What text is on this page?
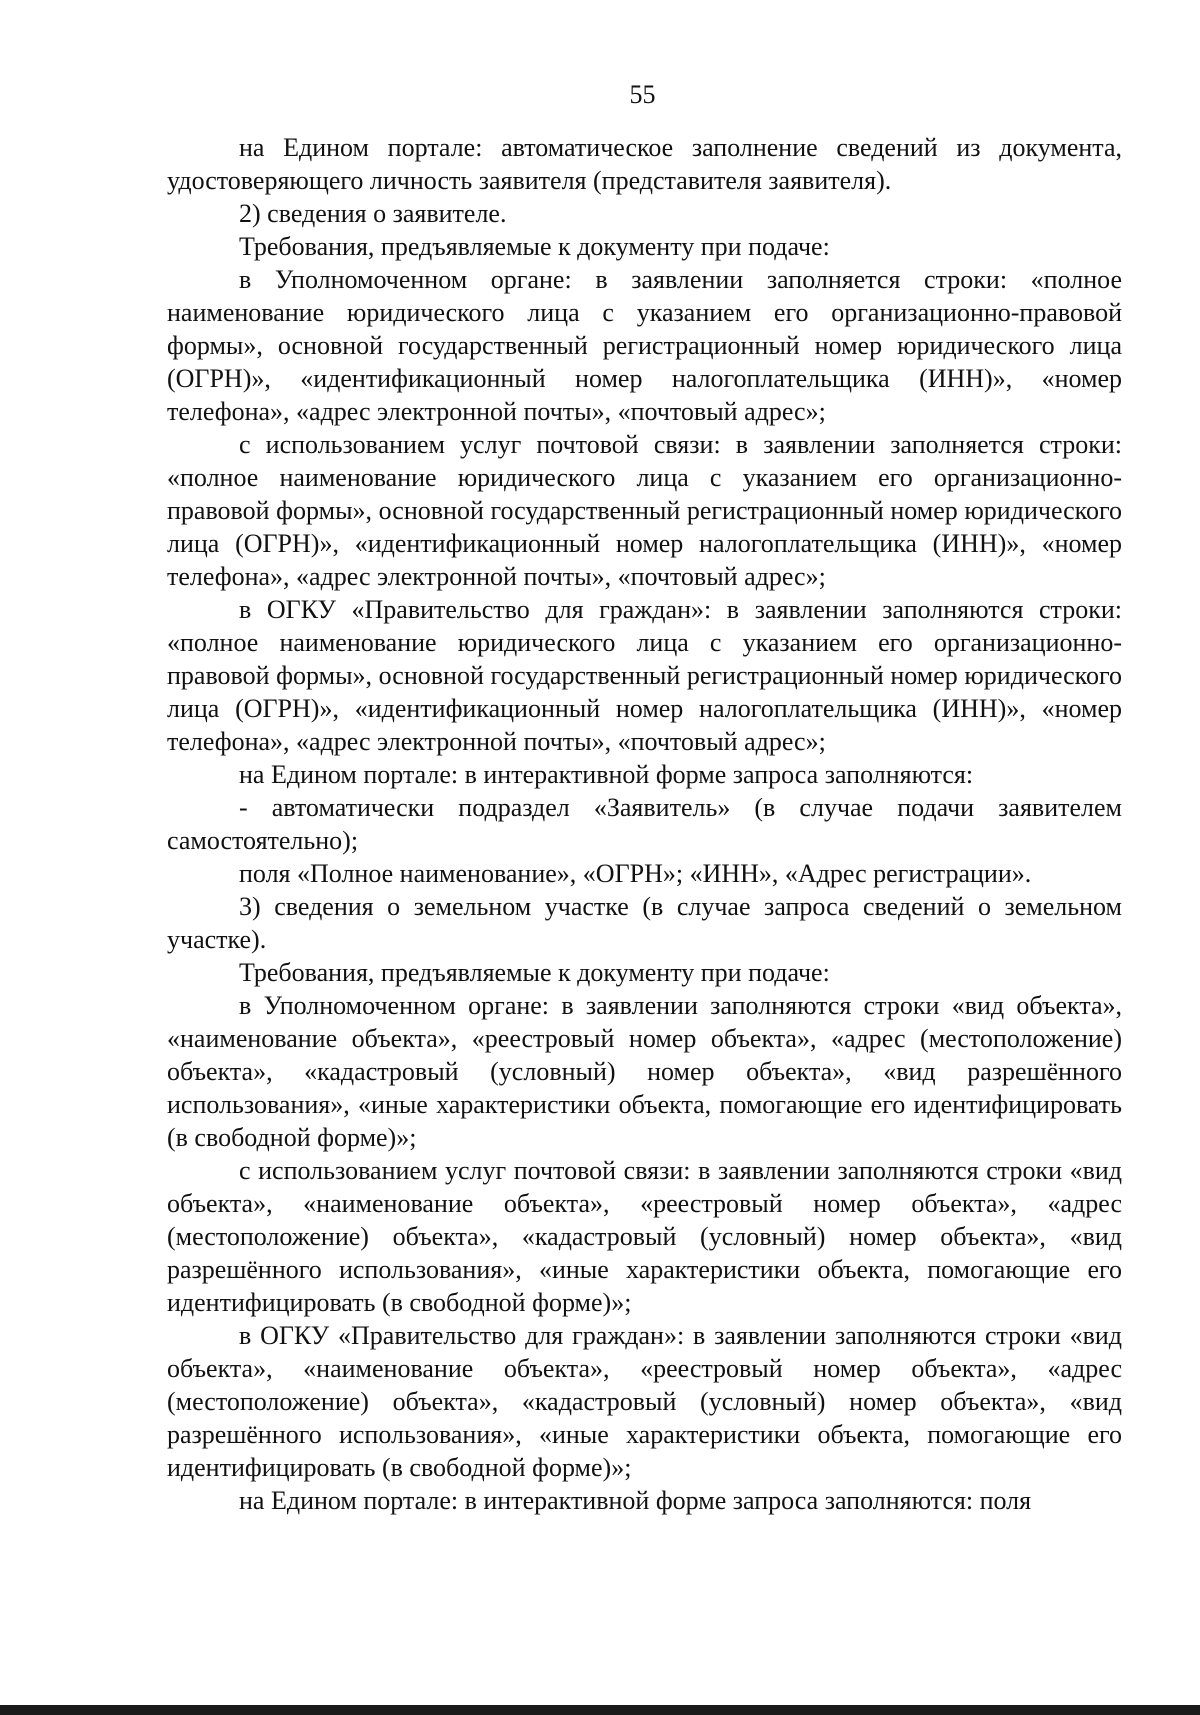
55

на Едином портале: автоматическое заполнение сведений из документа, удостоверяющего личность заявителя (представителя заявителя).

2) сведения о заявителе.

Требования, предъявляемые к документу при подаче:

в Уполномоченном органе: в заявлении заполняется строки: «полное наименование юридического лица с указанием его организационно-правовой формы», основной государственный регистрационный номер юридического лица (ОГРН)», «идентификационный номер налогоплательщика (ИНН)», «номер телефона», «адрес электронной почты», «почтовый адрес»;

с использованием услуг почтовой связи: в заявлении заполняется строки: «полное наименование юридического лица с указанием его организационно-правовой формы», основной государственный регистрационный номер юридического лица (ОГРН)», «идентификационный номер налогоплательщика (ИНН)», «номер телефона», «адрес электронной почты», «почтовый адрес»;

в ОГКУ «Правительство для граждан»: в заявлении заполняются строки: «полное наименование юридического лица с указанием его организационно-правовой формы», основной государственный регистрационный номер юридического лица (ОГРН)», «идентификационный номер налогоплательщика (ИНН)», «номер телефона», «адрес электронной почты», «почтовый адрес»;

на Едином портале: в интерактивной форме запроса заполняются:

- автоматически подраздел «Заявитель» (в случае подачи заявителем самостоятельно);

поля «Полное наименование», «ОГРН»; «ИНН», «Адрес регистрации».

3) сведения о земельном участке (в случае запроса сведений о земельном участке).

Требования, предъявляемые к документу при подаче:

в Уполномоченном органе: в заявлении заполняются строки «вид объекта», «наименование объекта», «реестровый номер объекта», «адрес (местоположение) объекта», «кадастровый (условный) номер объекта», «вид разрешённого использования», «иные характеристики объекта, помогающие его идентифицировать (в свободной форме)»;

с использованием услуг почтовой связи: в заявлении заполняются строки «вид объекта», «наименование объекта», «реестровый номер объекта», «адрес (местоположение) объекта», «кадастровый (условный) номер объекта», «вид разрешённого использования», «иные характеристики объекта, помогающие его идентифицировать (в свободной форме)»;

в ОГКУ «Правительство для граждан»: в заявлении заполняются строки «вид объекта», «наименование объекта», «реестровый номер объекта», «адрес (местоположение) объекта», «кадастровый (условный) номер объекта», «вид разрешённого использования», «иные характеристики объекта, помогающие его идентифицировать (в свободной форме)»;

на Едином портале: в интерактивной форме запроса заполняются: поля
